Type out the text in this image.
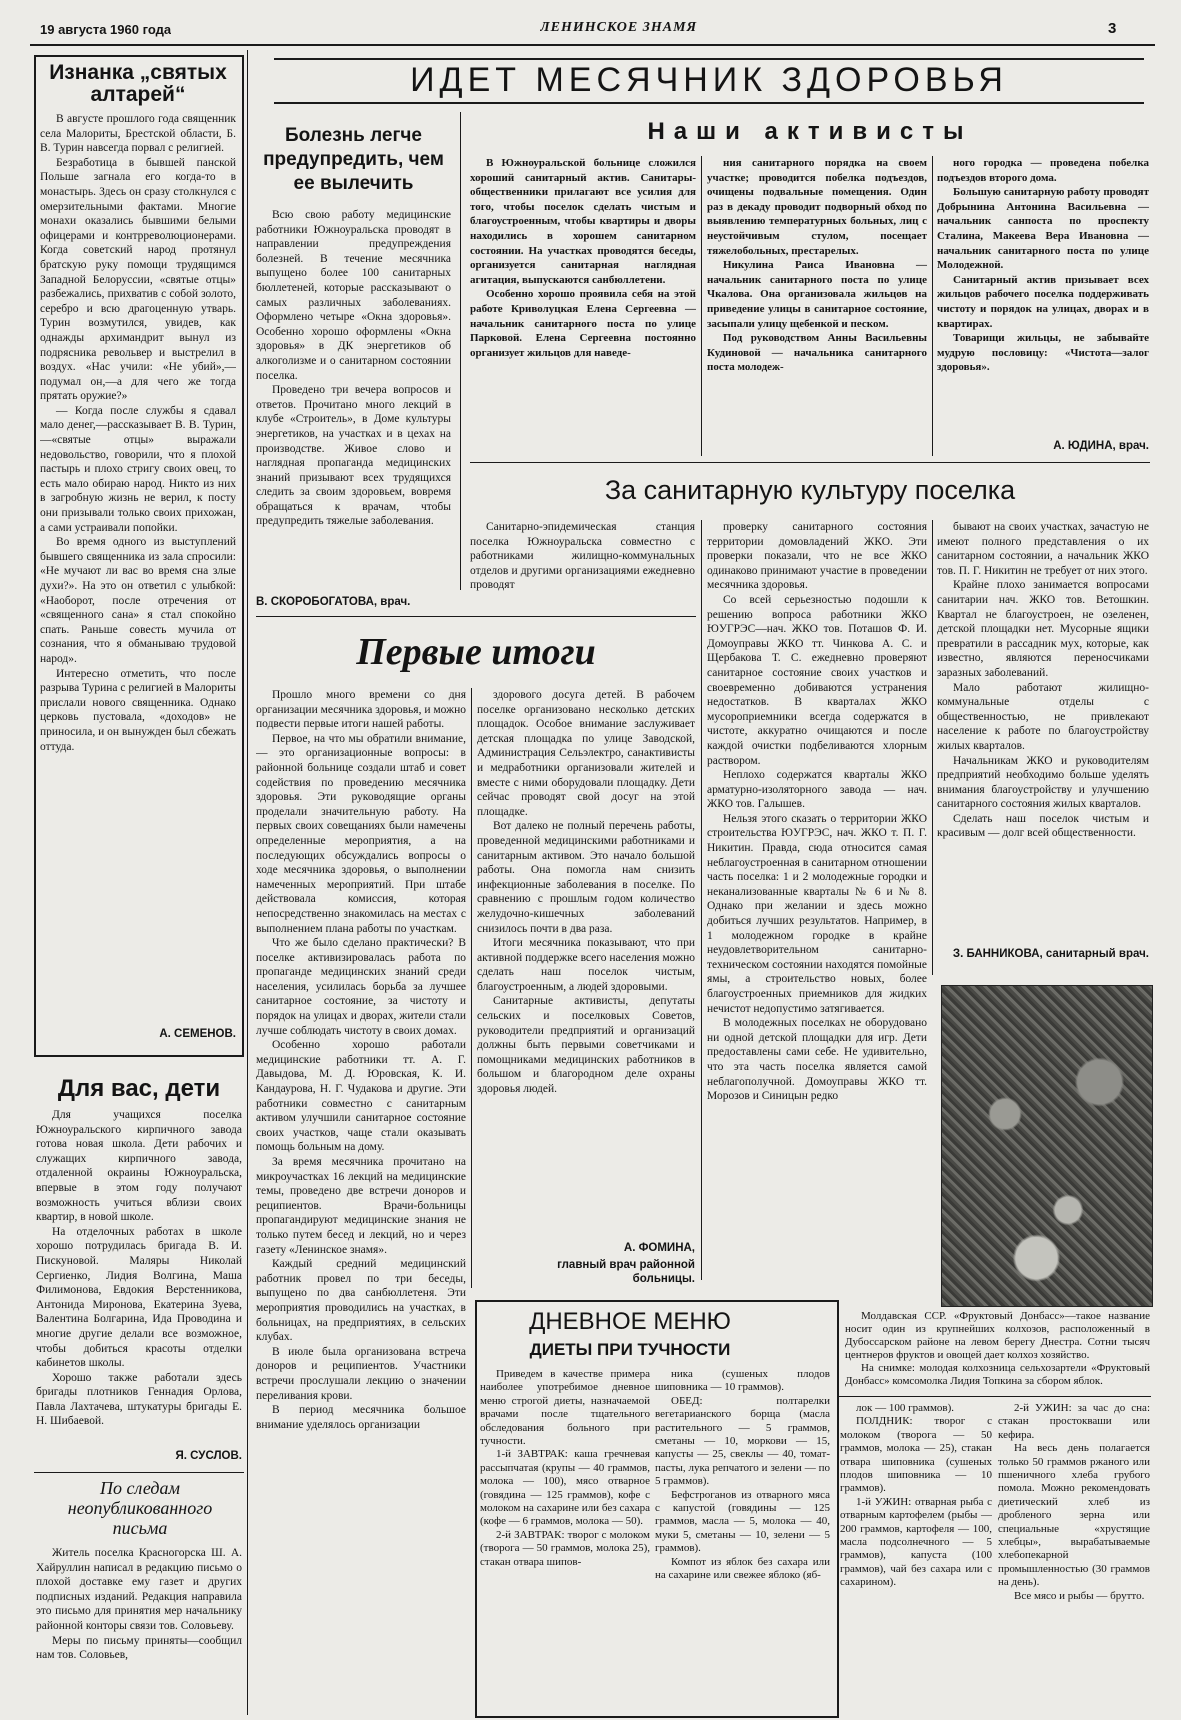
19 августа 1960 года	ЛЕНИНСКОЕ ЗНАМЯ	3
Изнанка „святых алтарей“

В августе прошлого года священник села Малориты, Брестской области, Б. В. Турин навсегда порвал с религией.

Безработица в бывшей панской Польше загнала его когда-то в монастырь. Здесь он сразу столкнулся с омерзительными фактами. Многие монахи оказались бывшими белыми офицерами и контрреволюционерами. Когда советский народ протянул братскую руку помощи трудящимся Западной Белоруссии, «святые отцы» разбежались, прихватив с собой золото, серебро и всю драгоценную утварь. Турин возмутился, увидев, как однажды архимандрит вынул из подрясника револьвер и выстрелил в воздух. «Нас учили: «Не убий»,—подумал он,—а для чего же тогда прятать оружие?»

— Когда после службы я сдавал мало денег,—рассказывает В. В. Турин,—«святые отцы» выражали недовольство, говорили, что я плохой пастырь и плохо стригу своих овец, то есть мало обираю народ. Никто из них в загробную жизнь не верил, к посту они призывали только своих прихожан, а сами устраивали попойки.

Во время одного из выступлений бывшего священника из зала спросили: «Не мучают ли вас во время сна злые духи?». На это он ответил с улыбкой: «Наоборот, после отречения от «священного сана» я стал спокойно спать. Раньше совесть мучила от сознания, что я обманываю трудовой народ».

Интересно отметить, что после разрыва Турина с религией в Малориты прислали нового священника. Однако церковь пустовала, «доходов» не приносила, и он вынужден был сбежать оттуда.

А. СЕМЕНОВ.
Для вас, дети

Для учащихся поселка Южноуральского кирпичного завода готова новая школа. Дети рабочих и служащих кирпичного завода, отдаленной окраины Южноуральска, впервые в этом году получают возможность учиться вблизи своих квартир, в новой школе.

На отделочных работах в школе хорошо потрудилась бригада В. И. Пискуновой. Маляры Николай Сергиенко, Лидия Волгина, Маша Филимонова, Евдокия Верстенникова, Антонида Миронова, Екатерина Зуева, Валентина Болгарина, Ида Проводина и многие другие делали все возможное, чтобы добиться красоты отделки кабинетов школы.

Хорошо также работали здесь бригады плотников Геннадия Орлова, Павла Лахтачева, штукатуры бригады Е. Н. Шибаевой.

Я. СУСЛОВ.
По следам неопубликованного письма

Житель поселка Красногорска Ш. А. Хайруллин написал в редакцию письмо о плохой доставке ему газет и других подписных изданий. Редакция направила это письмо для принятия мер начальнику районной конторы связи тов. Соловьеву.

Меры по письму приняты—сообщил нам тов. Соловьев,

ИДЕТ МЕСЯЧНИК ЗДОРОВЬЯ
Болезнь легче предупредить, чем ее вылечить

Всю свою работу медицинские работники Южноуральска проводят в направлении предупреждения болезней. В течение месячника выпущено более 100 санитарных бюллетеней, которые рассказывают о самых различных заболеваниях. Оформлено четыре «Окна здоровья». Особенно хорошо оформлены «Окна здоровья» в ДК энергетиков об алкоголизме и о санитарном состоянии поселка.

Проведено три вечера вопросов и ответов. Прочитано много лекций в клубе «Строитель», в Доме культуры энергетиков, на участках и в цехах на производстве. Живое слово и наглядная пропаганда медицинских знаний призывают всех трудящихся следить за своим здоровьем, вовремя обращаться к врачам, чтобы предупредить тяжелые заболевания.

В. СКОРОБОГАТОВА, врач.
Наши активисты

В Южноуральской больнице сложился хороший санитарный актив. Санитары-общественники прилагают все усилия для того, чтобы поселок сделать чистым и благоустроенным, чтобы квартиры и дворы находились в хорошем санитарном состоянии. На участках проводятся беседы, организуется санитарная наглядная агитация, выпускаются санбюллетени.

Особенно хорошо проявила себя на этой работе Криволуцкая Елена Сергеевна — начальник санитарного поста по улице Парковой. Елена Сергеевна постоянно организует жильцов для наведе-

ния санитарного порядка на своем участке; проводится побелка подъездов, очищены подвальные помещения. Один раз в декаду проводит подворный обход по выявлению температурных больных, лиц с неустойчивым стулом, посещает тяжелобольных, престарелых.

Никулина Раиса Ивановна — начальник санитарного поста по улице Чкалова. Она организовала жильцов на приведение улицы в санитарное состояние, засыпали улицу щебенкой и песком.

Под руководством Анны Васильевны Кудиновой — начальника санитарного поста молодеж-

ного городка — проведена побелка подъездов второго дома.

Большую санитарную работу проводят Добрынина Антонина Васильевна — начальник санпоста по проспекту Сталина, Макеева Вера Ивановна — начальник санитарного поста по улице Молодежной.

Санитарный актив призывает всех жильцов рабочего поселка поддерживать чистоту и порядок на улицах, дворах и в квартирах.

Товарищи жильцы, не забывайте мудрую пословицу: «Чистота—залог здоровья».

А. ЮДИНА, врач.
За санитарную культуру поселка

Санитарно-эпидемическая станция поселка Южноуральска совместно с работниками жилищно-коммунальных отделов и другими организациями ежедневно проводят

проверку санитарного состояния территории домовладений ЖКО. Эти проверки показали, что не все ЖКО одинаково принимают участие в проведении месячника здоровья.

Со всей серьезностью подошли к решению вопроса работники ЖКО ЮУГРЭС—нач. ЖКО тов. Поташов Ф. И. Домоуправы ЖКО тт. Чинкова А. С. и Щербакова Т. С. ежедневно проверяют санитарное состояние своих участков и своевременно добиваются устранения недостатков. В кварталах ЖКО мусороприемники всегда содержатся в чистоте, аккуратно очищаются и после каждой очистки подбеливаются хлорным раствором.

Неплохо содержатся кварталы ЖКО арматурно-изоляторного завода — нач. ЖКО тов. Галышев.

Нельзя этого сказать о территории ЖКО строительства ЮУГРЭС, нач. ЖКО т. П. Г. Никитин. Правда, сюда относится самая неблагоустроенная в санитарном отношении часть поселка: 1 и 2 молодежные городки и неканализованные кварталы № 6 и № 8. Однако при желании и здесь можно добиться лучших результатов. Например, в 1 молодежном городке в крайне неудовлетворительном санитарно-техническом состоянии находятся помойные ямы, а строительство новых, более благоустроенных приемников для жидких нечистот недопустимо затягивается.

В молодежных поселках не оборудовано ни одной детской площадки для игр. Дети предоставлены сами себе. Не удивительно, что эта часть поселка является самой неблагополучной. Домоуправы ЖКО тт. Морозов и Синицын редко

бывают на своих участках, зачастую не имеют полного представления о их санитарном состоянии, а начальник ЖКО тов. П. Г. Никитин не требует от них этого.

Крайне плохо занимается вопросами санитарии нач. ЖКО тов. Ветошкин. Квартал не благоустроен, не озеленен, детской площадки нет. Мусорные ящики превратили в рассадник мух, которые, как известно, являются переносчиками заразных заболеваний.

Мало работают жилищно-коммунальные отделы с общественностью, не привлекают население к работе по благоустройству жилых кварталов.

Начальникам ЖКО и руководителям предприятий необходимо больше уделять внимания благоустройству и улучшению санитарного состояния жилых кварталов.

Сделать наш поселок чистым и красивым — долг всей общественности.

З. БАННИКОВА, санитарный врач.
Первые итоги

Прошло много времени со дня организации месячника здоровья, и можно подвести первые итоги нашей работы.

Первое, на что мы обратили внимание, — это организационные вопросы: в районной больнице создали штаб и совет содействия по проведению месячника здоровья. Эти руководящие органы проделали значительную работу. На первых своих совещаниях были намечены определенные мероприятия, а на последующих обсуждались вопросы о ходе месячника здоровья, о выполнении намеченных мероприятий. При штабе действовала комиссия, которая непосредственно знакомилась на местах с выполнением плана работы по участкам.

Что же было сделано практически? В поселке активизировалась работа по пропаганде медицинских знаний среди населения, усилилась борьба за лучшее санитарное состояние, за чистоту и порядок на улицах и дворах, жители стали лучше соблюдать чистоту в своих домах.

Особенно хорошо работали медицинские работники тт. А. Г. Давыдова, М. Д. Юровская, К. И. Кандаурова, Н. Г. Чудакова и другие. Эти работники совместно с санитарным активом улучшили санитарное состояние своих участков, чаще стали оказывать помощь больным на дому.

За время месячника прочитано на микроучастках 16 лекций на медицинские темы, проведено две встречи доноров и реципиентов. Врачи-больницы пропагандируют медицинские знания не только путем бесед и лекций, но и через газету «Ленинское знамя».

Каждый средний медицинский работник провел по три беседы, выпущено по два санбюллетеня. Эти мероприятия проводились на участках, в больницах, на предприятиях, в сельских клубах.

В июле была организована встреча доноров и реципиентов. Участники встречи прослушали лекцию о значении переливания крови.

В период месячника большое внимание уделялось организации

здорового досуга детей. В рабочем поселке организовано несколько детских площадок. Особое внимание заслуживает детская площадка по улице Заводской, Администрация Сельэлектро, санактивисты и медработники организовали жителей и вместе с ними оборудовали площадку. Дети сейчас проводят свой досуг на этой площадке.

Вот далеко не полный перечень работы, проведенной медицинскими работниками и санитарным активом. Это начало большой работы. Она помогла нам снизить инфекционные заболевания в поселке. По сравнению с прошлым годом количество желудочно-кишечных заболеваний снизилось почти в два раза.

Итоги месячника показывают, что при активной поддержке всего населения можно сделать наш поселок чистым, благоустроенным, а людей здоровыми.

Санитарные активисты, депутаты сельских и поселковых Советов, руководители предприятий и организаций должны быть первыми советчиками и помощниками медицинских работников в большом и благородном деле охраны здоровья людей.

А. ФОМИНА,
главный врач районной больницы.

Молдавская ССР. «Фруктовый Донбасс»—такое название носит один из крупнейших колхозов, расположенный в Дубоссарском районе на левом берегу Днестра. Сотни тысяч центнеров фруктов и овощей дает колхоз хозяйство.

На снимке: молодая колхозница сельхозартели «Фруктовый Донбасс» комсомолка Лидия Топкина за сбором яблок.

ДНЕВНОЕ МЕНЮ
ДИЕТЫ ПРИ ТУЧНОСТИ

Приведем в качестве примера наиболее употребимое дневное меню строгой диеты, назначаемой врачами после тщательного обследования больного при тучности.

1-й ЗАВТРАК: каша гречневая рассыпчатая (крупы — 40 граммов, молока — 100), мясо отварное (говядина — 125 граммов), кофе с молоком на сахарине или без сахара (кофе — 6 граммов, молока — 50).

2-й ЗАВТРАК: творог с молоком (творога — 50 граммов, молока 25), стакан отвара шипов-

ника (сушеных плодов шиповника — 10 граммов).

ОБЕД: полтарелки вегетарианского борща (масла растительного — 5 граммов, сметаны — 10, моркови — 15, капусты — 25, свеклы — 40, томат-пасты, лука репчатого и зелени — по 5 граммов).

Бефстроганов из отварного мяса с капустой (говядины — 125 граммов, масла — 5, молока — 40, муки 5, сметаны — 10, зелени — 5 граммов).

Компот из яблок без сахара или на сахарине или свежее яблоко (яб-

лок — 100 граммов).

ПОЛДНИК: творог с молоком (творога — 50 граммов, молока — 25), стакан отвара шиповника (сушеных плодов шиповника — 10 граммов).

1-й УЖИН: отварная рыба с отварным картофелем (рыбы — 200 граммов, картофеля — 100, масла подсолнечного — 5 граммов), капуста (100 граммов), чай без сахара или с сахарином).

2-й УЖИН: за час до сна: стакан простокваши или кефира.

На весь день полагается только 50 граммов ржаного или пшеничного хлеба грубого помола. Можно рекомендовать диетический хлеб из дробленого зерна или специальные «хрустящие хлебцы», вырабатываемые хлебопекарной промышленностью (30 граммов на день).

Все мясо и рыбы — брутто.
